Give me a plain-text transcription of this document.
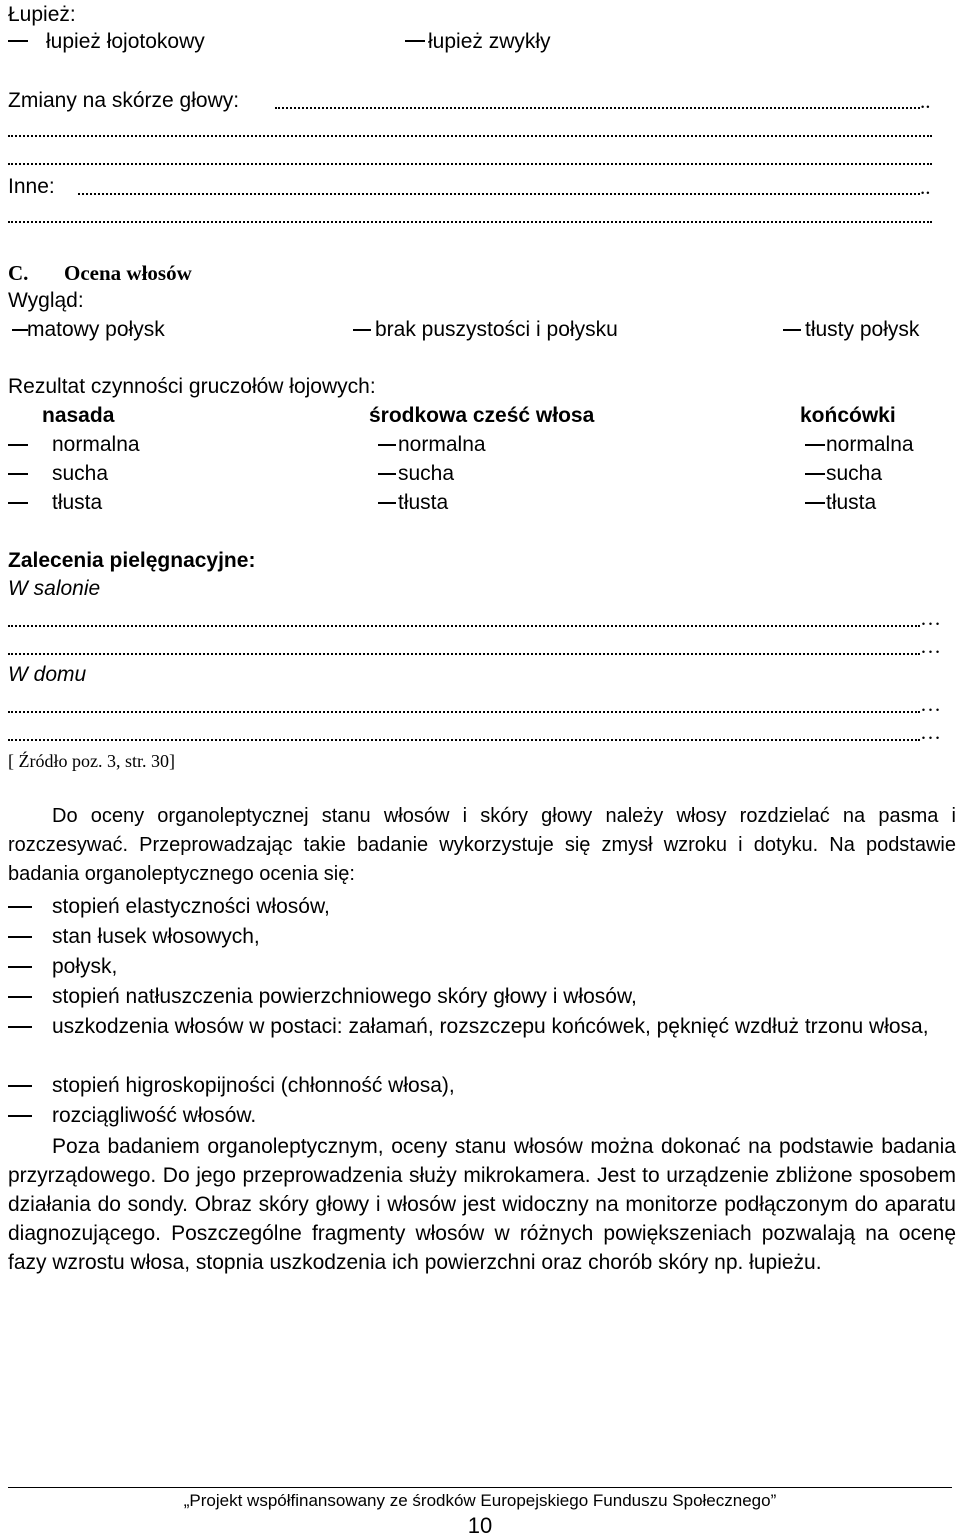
Łupież:
łupież łojotokowy	łupież zwykły
Zmiany na skórze głowy:	..
Inne:	..
C. Ocena włosów
Wygląd:
matowy połysk	brak puszystości i połysku	tłusty połysk
Rezultat czynności gruczołów łojowych:
nasada	środkowa cześć włosa	końcówki
normalna	normalna	normalna
sucha	sucha	sucha
tłusta	tłusta	tłusta
Zalecenia pielęgnacyjne:
W salonie
…
…
W domu
…
…
[ Źródło poz. 3, str. 30]
Do oceny organoleptycznej stanu włosów i skóry głowy należy włosy rozdzielać na pasma i rozczesywać. Przeprowadzając takie badanie wykorzystuje się zmysł wzroku i dotyku. Na podstawie badania organoleptycznego ocenia się:
stopień elastyczności włosów,
stan łusek włosowych,
połysk,
stopień natłuszczenia powierzchniowego skóry głowy i włosów,
uszkodzenia włosów w postaci: załamań, rozszczepu końcówek, pęknięć wzdłuż trzonu włosa,
stopień higroskopijności (chłonność włosa),
rozciągliwość włosów.
Poza badaniem organoleptycznym, oceny stanu włosów można dokonać na podstawie badania przyrządowego. Do jego przeprowadzenia służy mikrokamera. Jest to urządzenie zbliżone sposobem działania do sondy. Obraz skóry głowy i włosów jest widoczny na monitorze podłączonym do aparatu diagnozującego. Poszczególne fragmenty włosów w różnych powiększeniach pozwalają na ocenę fazy wzrostu włosa, stopnia uszkodzenia ich powierzchni oraz chorób skóry np. łupieżu.
„Projekt współfinansowany ze środków Europejskiego Funduszu Społecznego”
10
